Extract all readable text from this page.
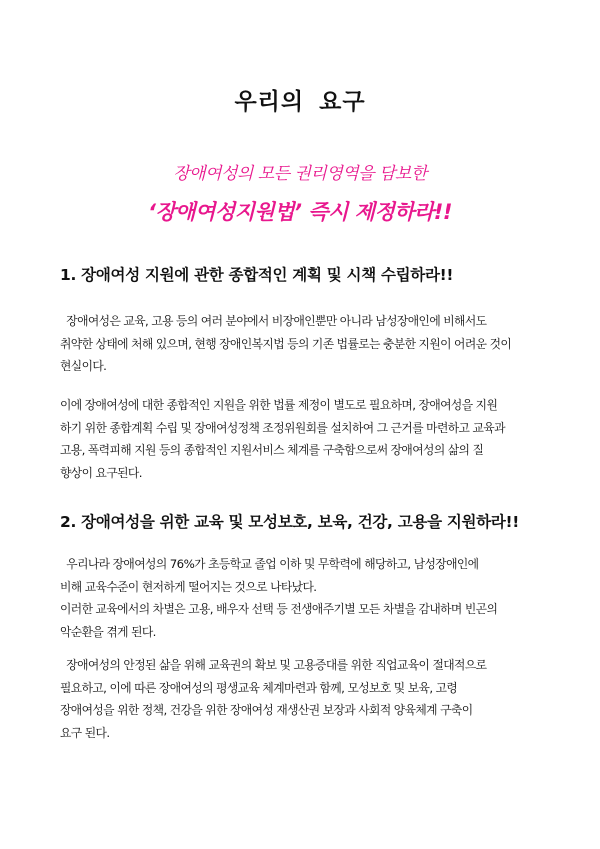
우리의 요구
장애여성의 모든 권리영역을 담보한
‘장애여성지원법’ 즉시 제정하라!!
1. 장애여성 지원에 관한 종합적인 계획 및 시책 수립하라!!
장애여성은 교육, 고용 등의 여러 분야에서 비장애인뿐만 아니라 남성장애인에 비해서도
취약한 상태에 처해 있으며, 현행 장애인복지법 등의 기존 법률로는 충분한 지원이 어려운 것이
현실이다.
이에 장애여성에 대한 종합적인 지원을 위한 법률 제정이 별도로 필요하며, 장애여성을 지원
하기 위한 종합계획 수립 및 장애여성정책 조정위원회를 설치하여 그 근거를 마련하고 교육과
고용, 폭력피해 지원 등의 종합적인 지원서비스 체계를 구축함으로써 장애여성의 삶의 질
향상이 요구된다.
2. 장애여성을 위한 교육 및 모성보호, 보육, 건강, 고용을 지원하라!!
우리나라 장애여성의 76%가 초등학교 졸업 이하 및 무학력에 해당하고, 남성장애인에
비해 교육수준이 현저하게 떨어지는 것으로 나타났다.
이러한 교육에서의 차별은 고용, 배우자 선택 등 전생애주기별 모든 차별을 감내하며 빈곤의
악순환을 겪게 된다.
장애여성의 안정된 삶을 위해 교육권의 확보 및 고용증대를 위한 직업교육이 절대적으로
필요하고, 이에 따른 장애여성의 평생교육 체계마련과 함께, 모성보호 및 보육, 고령
장애여성을 위한 정책, 건강을 위한 장애여성 재생산권 보장과 사회적 양육체계 구축이
요구 된다.
